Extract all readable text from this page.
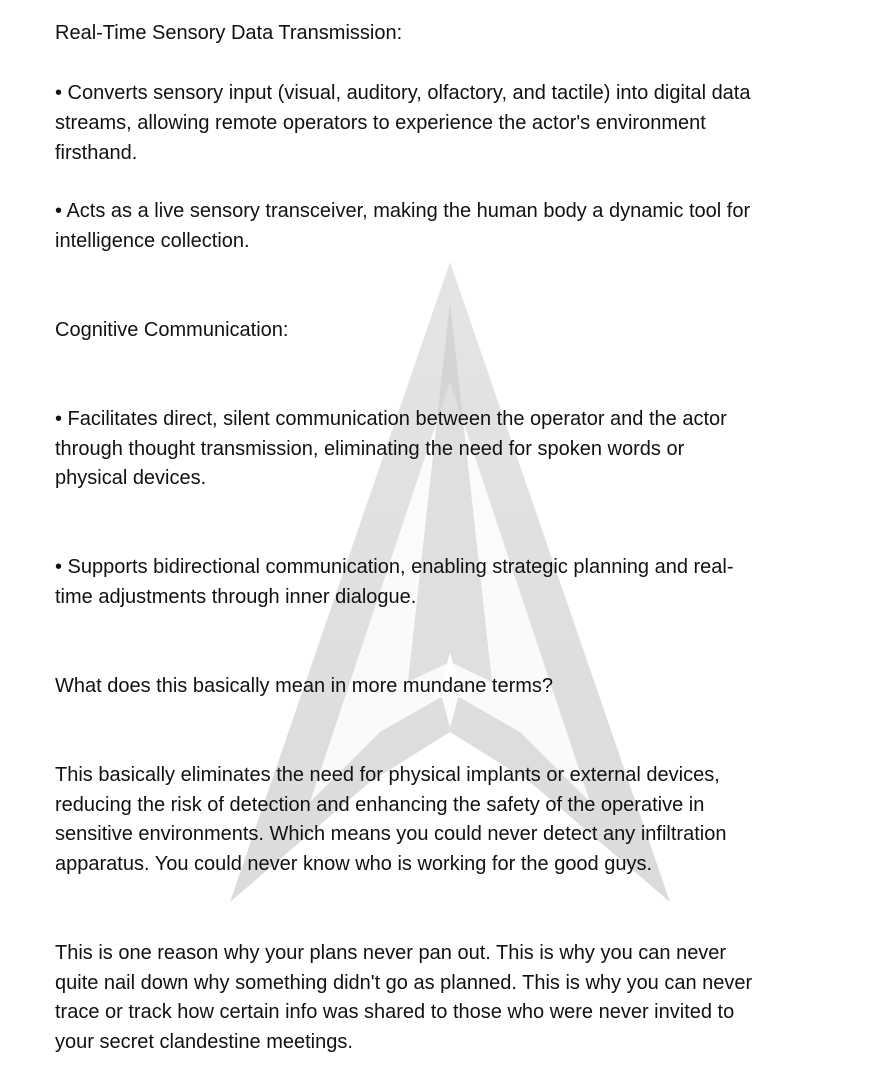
Real-Time Sensory Data Transmission:
• Converts sensory input (visual, auditory, olfactory, and tactile) into digital data
streams, allowing remote operators to experience the actor's environment
firsthand.
• Acts as a live sensory transceiver, making the human body a dynamic tool for
intelligence collection.
Cognitive Communication:
• Facilitates direct, silent communication between the operator and the actor
through thought transmission, eliminating the need for spoken words or
physical devices.
• Supports bidirectional communication, enabling strategic planning and real-
time adjustments through inner dialogue.
What does this basically mean in more mundane terms?
This basically eliminates the need for physical implants or external devices,
reducing the risk of detection and enhancing the safety of the operative in
sensitive environments. Which means you could never detect any infiltration
apparatus. You could never know who is working for the good guys.
This is one reason why your plans never pan out. This is why you can never
quite nail down why something didn't go as planned. This is why you can never
trace or track how certain info was shared to those who were never invited to
your secret clandestine meetings.
